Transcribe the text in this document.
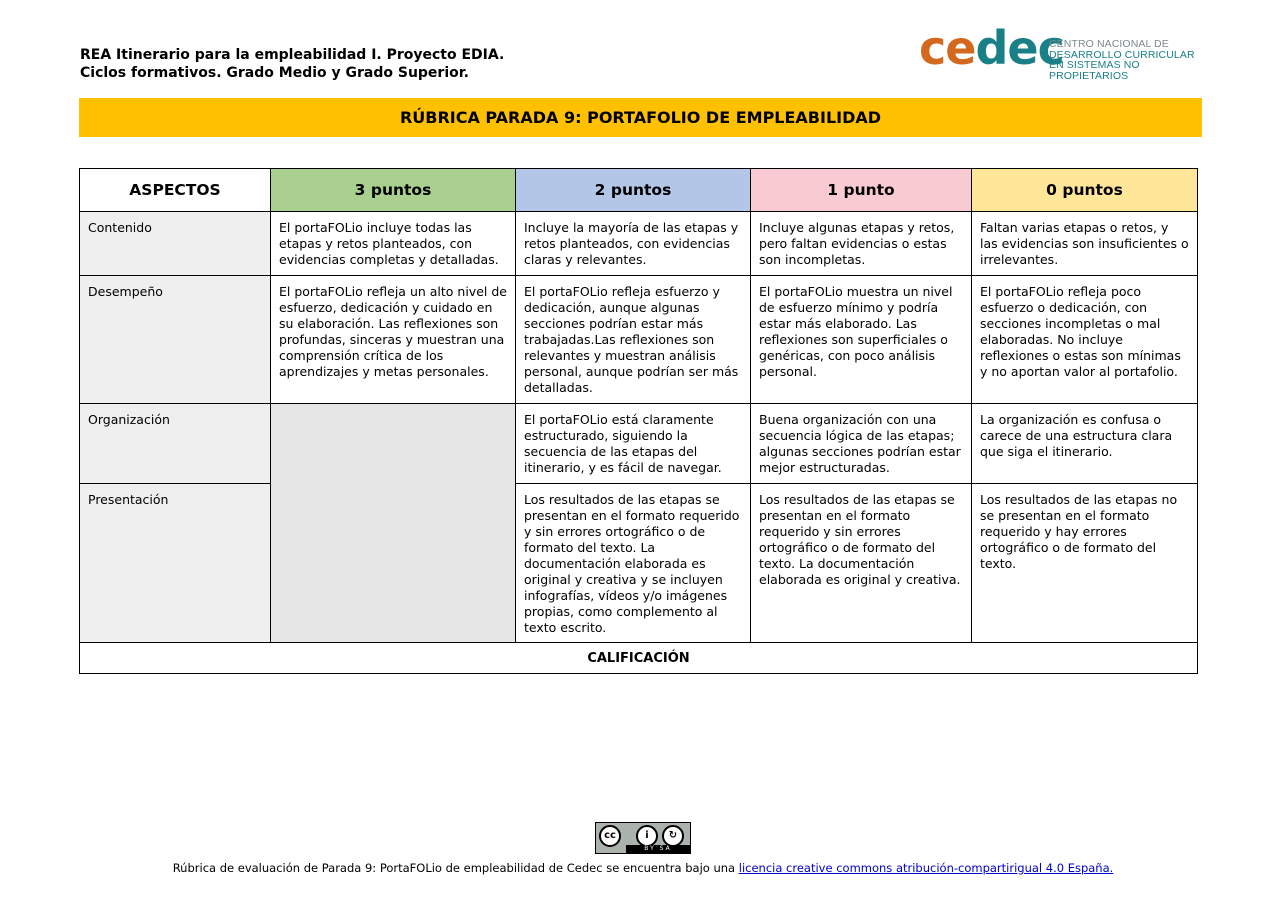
REA Itinerario para la empleabilidad I. Proyecto EDIA.
Ciclos formativos. Grado Medio y Grado Superior.	cedec
CENTRO NACIONAL DE
DESARROLLO CURRICULAR
EN SISTEMAS NO PROPIETARIOS
RÚBRICA PARADA 9: PORTAFOLIO DE EMPLEABILIDAD
ASPECTOS	3 puntos	2 puntos	1 punto	0 puntos
Contenido	El portaFOLio incluye todas las etapas y retos planteados, con evidencias completas y detalladas.	Incluye la mayoría de las etapas y retos planteados, con evidencias claras y relevantes.	Incluye algunas etapas y retos, pero faltan evidencias o estas son incompletas.	Faltan varias etapas o retos, y las evidencias son insuficientes o irrelevantes.
Desempeño	El portaFOLio refleja un alto nivel de esfuerzo, dedicación y cuidado en su elaboración. Las reflexiones son profundas, sinceras y muestran una comprensión crítica de los aprendizajes y metas personales.	El portaFOLio refleja esfuerzo y dedicación, aunque algunas secciones podrían estar más trabajadas.Las reflexiones son relevantes y muestran análisis personal, aunque podrían ser más detalladas.	El portaFOLio muestra un nivel de esfuerzo mínimo y podría estar más elaborado. Las reflexiones son superficiales o genéricas, con poco análisis personal.	El portaFOLio refleja poco esfuerzo o dedicación, con secciones incompletas o mal elaboradas. No incluye reflexiones o estas son mínimas y no aportan valor al portafolio.
Organización		El portaFOLio está claramente estructurado, siguiendo la secuencia de las etapas del itinerario, y es fácil de navegar.	Buena organización con una secuencia lógica de las etapas; algunas secciones podrían estar mejor estructuradas.	La organización es confusa o carece de una estructura clara que siga el itinerario.
Presentación		Los resultados de las etapas se presentan en el formato requerido y sin errores ortográfico o de formato del texto. La documentación elaborada es original y creativa y se incluyen infografías, vídeos y/o imágenes propias, como complemento al texto escrito.	Los resultados de las etapas se presentan en el formato requerido y sin errores ortográfico o de formato del texto. La documentación elaborada es original y creativa.	Los resultados de las etapas no se presentan en el formato requerido y hay errores ortográfico o de formato del texto.
CALIFICACIÓN				
cc	i	↻
BY SA
Rúbrica de evaluación de Parada 9: PortaFOLio de empleabilidad de Cedec se encuentra bajo una licencia creative commons atribución-compartirigual 4.0 España.
